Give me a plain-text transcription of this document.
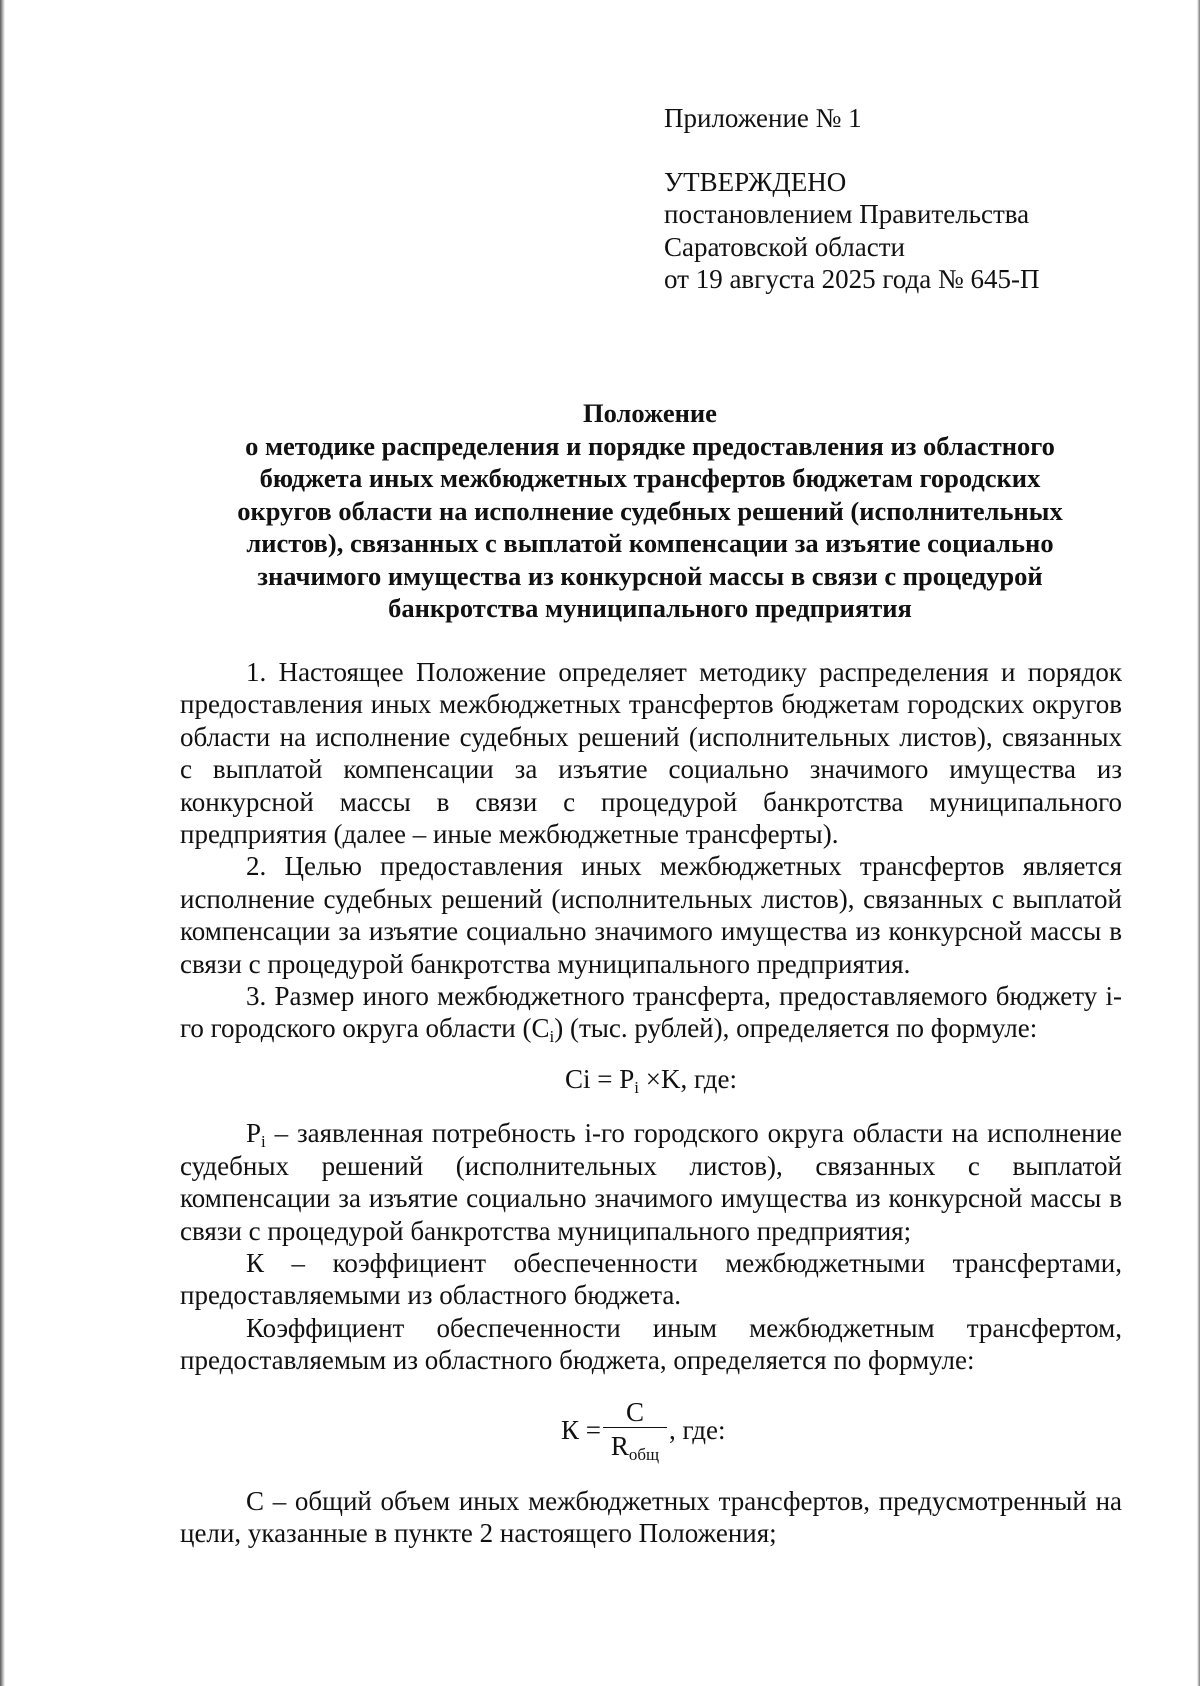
Приложение № 1
УТВЕРЖДЕНО
постановлением Правительства
Саратовской области
от 19 августа 2025 года № 645-П
Положение
о методике распределения и порядке предоставления из областного
бюджета иных межбюджетных трансфертов бюджетам городских
округов области на исполнение судебных решений (исполнительных
листов), связанных с выплатой компенсации за изъятие социально
значимого имущества из конкурсной массы в связи с процедурой
банкротства муниципального предприятия

1. Настоящее Положение определяет методику распределения и порядок предоставления иных межбюджетных трансфертов бюджетам городских округов области на исполнение судебных решений (исполнительных листов), связанных с выплатой компенсации за изъятие социально значимого имущества из конкурсной массы в связи с процедурой банкротства муниципального предприятия (далее – иные межбюджетные трансферты).

2. Целью предоставления иных межбюджетных трансфертов является исполнение судебных решений (исполнительных листов), связанных с выплатой компенсации за изъятие социально значимого имущества из конкурсной массы в связи с процедурой банкротства муниципального предприятия.

3. Размер иного межбюджетного трансферта, предоставляемого бюджету i-го городского округа области $(C_i)$ (тыс. рублей), определяется по формуле:

$Ci = P_i \times K$, где:

$P_i$ – заявленная потребность i-го городского округа области на исполнение судебных решений (исполнительных листов), связанных с выплатой компенсации за изъятие социально значимого имущества из конкурсной массы в связи с процедурой банкротства муниципального предприятия;

К – коэффициент обеспеченности межбюджетными трансфертами, предоставляемыми из областного бюджета.

Коэффициент обеспеченности иным межбюджетным трансфертом, предоставляемым из областного бюджета, определяется по формуле:

$К = \frac{C}{R_{общ}}$ , где:

С – общий объем иных межбюджетных трансфертов, предусмотренный на цели, указанные в пункте 2 настоящего Положения;
